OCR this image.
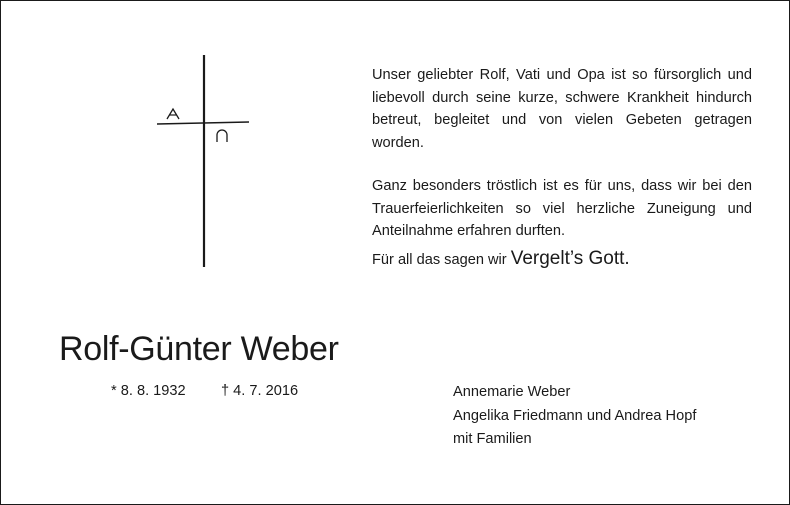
Unser geliebter Rolf, Vati und Opa ist so fürsorglich und liebevoll durch seine kurze, schwere Krankheit hindurch betreut, begleitet und von vielen Gebeten getragen worden.

Ganz besonders tröstlich ist es für uns, dass wir bei den Trauerfeierlichkeiten so viel herzliche Zuneigung und Anteilnahme erfahren durften.

Für all das sagen wir Vergelt’s Gott.
Rolf-Günter Weber
* 8. 8. 1932 † 4. 7. 2016	Annemarie Weber
Angelika Friedmann und Andrea Hopf
mit Familien
